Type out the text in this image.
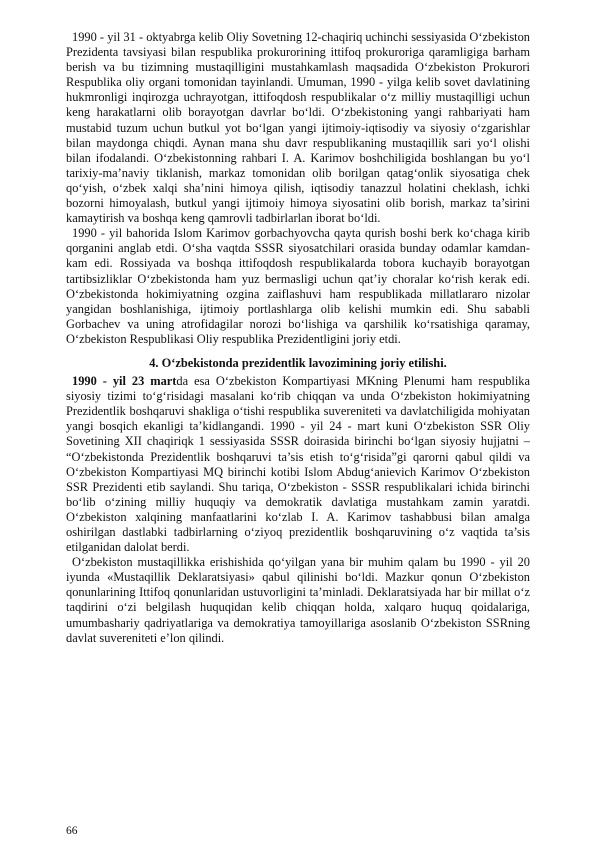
1990 - yil 31 - oktyabrga kelib Oliy Sovetning 12-chaqiriq uchinchi sessiyasida O‘zbekiston Prezidenta tavsiyasi bilan respublika prokurorining ittifoq prokuroriga qaramligiga barham berish va bu tizimning mustaqilligini mustahkamlash maqsadida O‘zbekiston Prokurori Respublika oliy organi tomonidan tayinlandi. Umuman, 1990 - yilga kelib sovet davlatining hukmronligi inqirozga uchrayotgan, ittifoqdosh respublikalar o‘z milliy mustaqilligi uchun keng harakatlarni olib borayotgan davrlar bo‘ldi. O‘zbekistoning yangi rahbariyati ham mustabid tuzum uchun butkul yot bo‘lgan yangi ijtimoiy-iqtisodiy va siyosiy o‘zgarishlar bilan maydonga chiqdi. Aynan mana shu davr respublikaning mustaqillik sari yo‘l olishi bilan ifodalandi. O‘zbekistonning rahbari I. A. Karimov boshchiligida boshlangan bu yo‘l tarixiy-ma’naviy tiklanish, markaz tomonidan olib borilgan qatag‘onlik siyosatiga chek qo‘yish, o‘zbek xalqi sha’nini himoya qilish, iqtisodiy tanazzul holatini cheklash, ichki bozorni himoyalash, butkul yangi ijtimoiy himoya siyosatini olib borish, markaz ta’sirini kamaytirish va boshqa keng qamrovli tadbirlarlan iborat bo‘ldi.

1990 - yil bahorida Islom Karimov gorbachyovcha qayta qurish boshi berk ko‘chaga kirib qorganini anglab etdi. O‘sha vaqtda SSSR siyosatchilari orasida bunday odamlar kamdan-kam edi. Rossiyada va boshqa ittifoqdosh respublikalarda tobora kuchayib borayotgan tartibsizliklar O‘zbekistonda ham yuz bermasligi uchun qat’iy choralar ko‘rish kerak edi. O‘zbekistonda hokimiyatning ozgina zaiflashuvi ham respublikada millatlararo nizolar yangidan boshlanishiga, ijtimoiy portlashlarga olib kelishi mumkin edi. Shu sababli Gorbachev va uning atrofidagilar norozi bo‘lishiga va qarshilik ko‘rsatishiga qaramay, O‘zbekiston Respublikasi Oliy respublika Prezidentligini joriy etdi.

4. O‘zbekistonda prezidentlik lavozimining joriy etilishi.

1990 - yil 23 martda esa O‘zbekiston Kompartiyasi MKning Plenumi ham respublika siyosiy tizimi to‘g‘risidagi masalani ko‘rib chiqqan va unda O‘zbekiston hokimiyatning Prezidentlik boshqaruvi shakliga o‘tishi respublika suvereniteti va davlatchiligida mohiyatan yangi bosqich ekanligi ta’kidlangandi. 1990 - yil 24 - mart kuni O‘zbekiston SSR Oliy Sovetining XII chaqiriqk 1 sessiyasida SSSR doirasida birinchi bo‘lgan siyosiy hujjatni – “O‘zbekistonda Prezidentlik boshqaruvi ta’sis etish to‘g‘risida”gi qarorni qabul qildi va O‘zbekiston Kompartiyasi MQ birinchi kotibi Islom Abdug‘anievich Karimov O‘zbekiston SSR Prezidenti etib saylandi. Shu tariqa, O‘zbekiston - SSSR respublikalari ichida birinchi bo‘lib o‘zining milliy huquqiy va demokratik davlatiga mustahkam zamin yaratdi. O‘zbekiston xalqining manfaatlarini ko‘zlab I. A. Karimov tashabbusi bilan amalga oshirilgan dastlabki tadbirlarning o‘ziyoq prezidentlik boshqaruvining o‘z vaqtida ta’sis etilganidan dalolat berdi.

O‘zbekiston mustaqillikka erishishida qo‘yilgan yana bir muhim qalam bu 1990 - yil 20 iyunda «Mustaqillik Deklaratsiyasi» qabul qilinishi bo‘ldi. Mazkur qonun O‘zbekiston qonunlarining Ittifoq qonunlaridan ustuvorligini ta’minladi. Deklaratsiyada har bir millat o‘z taqdirini o‘zi belgilash huquqidan kelib chiqqan holda, xalqaro huquq qoidalariga, umumbashariy qadriyatlariga va demokratiya tamoyillariga asoslanib O‘zbekiston SSRning davlat suvereniteti e’lon qilindi.

66
